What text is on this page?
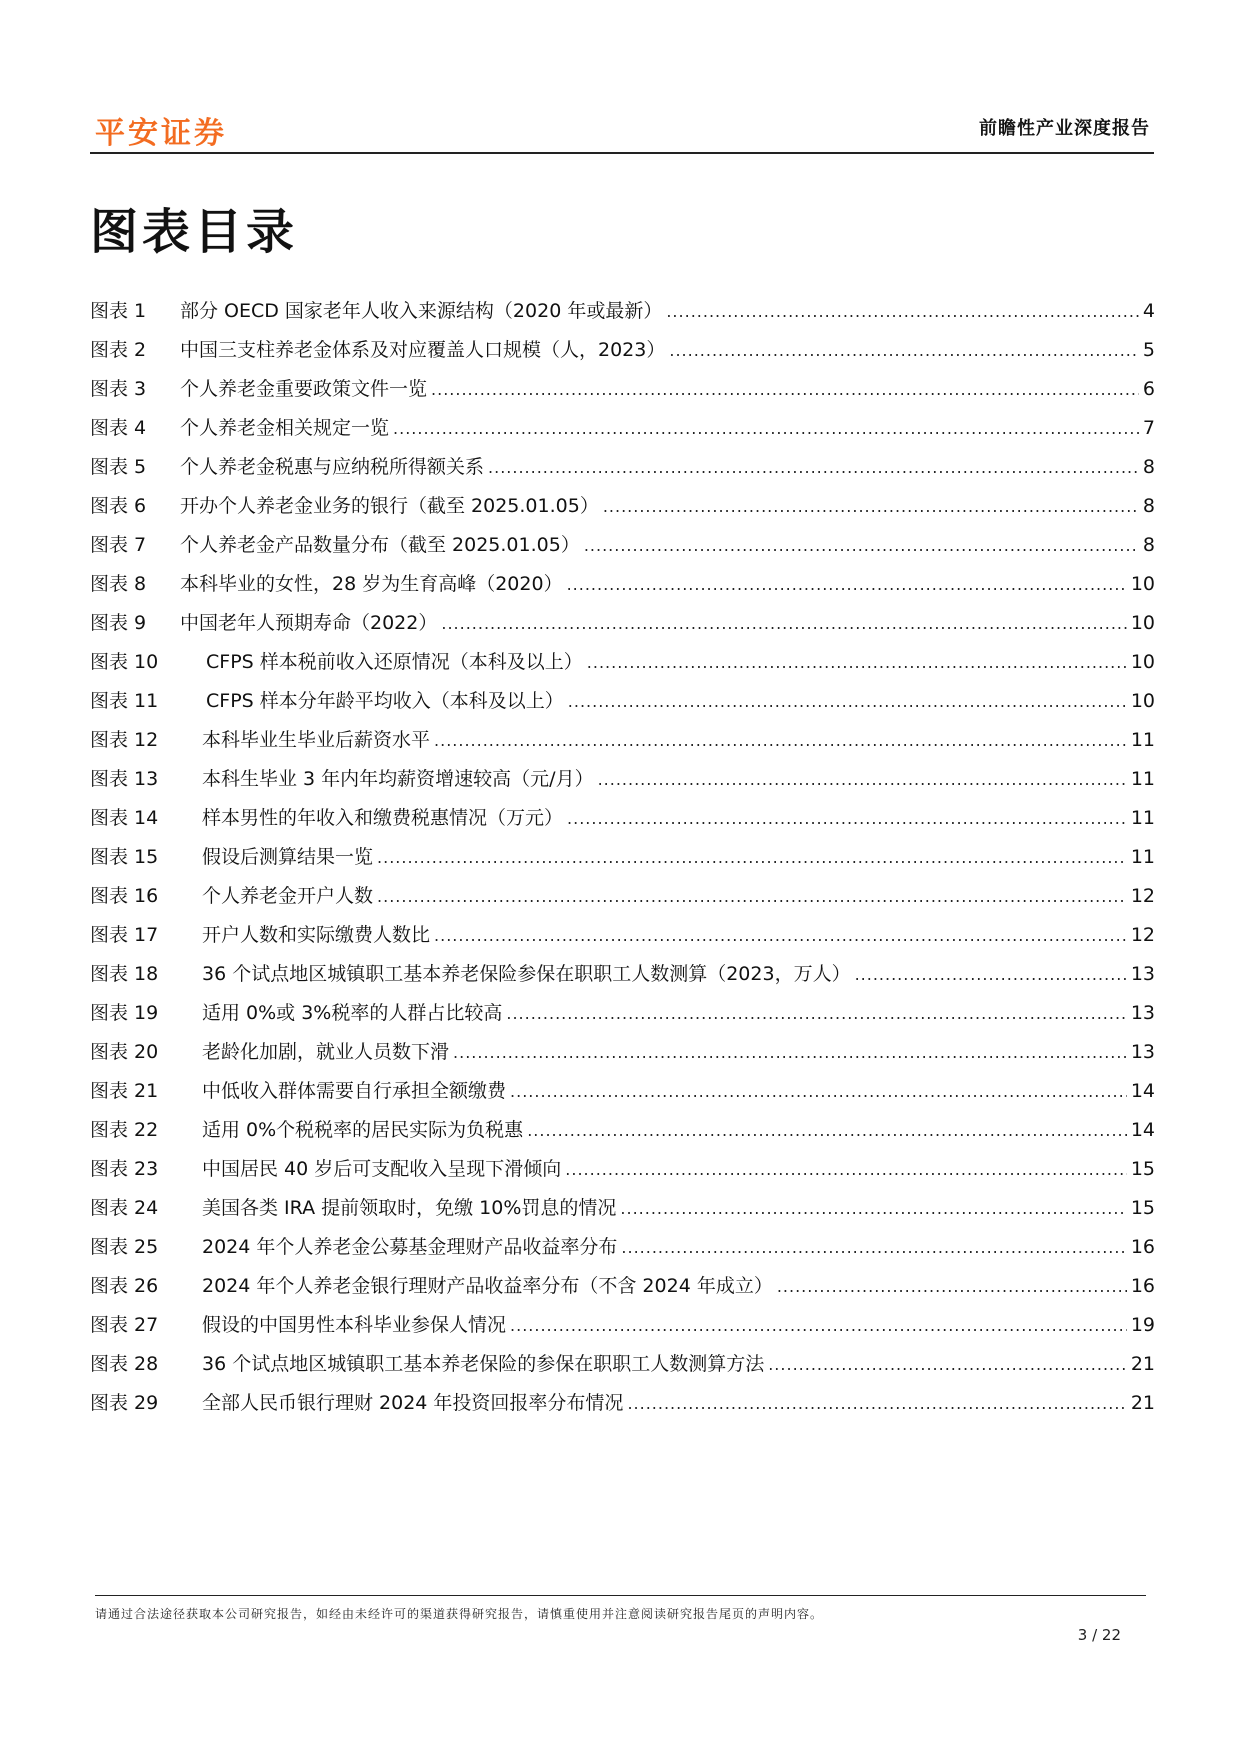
平安证券	前瞻性产业深度报告
图表目录
图表 1	部分 OECD 国家老年人收入来源结构（2020 年或最新） .....	4
图表 2	中国三支柱养老金体系及对应覆盖人口规模（人，2023） .....	5
图表 3	个人养老金重要政策文件一览 .....	6
图表 4	个人养老金相关规定一览 .....	7
图表 5	个人养老金税惠与应纳税所得额关系 .....	8
图表 6	开办个人养老金业务的银行（截至 2025.01.05） .....	8
图表 7	个人养老金产品数量分布（截至 2025.01.05） .....	8
图表 8	本科毕业的女性，28 岁为生育高峰（2020） .....	10
图表 9	中国老年人预期寿命（2022） .....	10
图表 10	CFPS 样本税前收入还原情况（本科及以上） .....	10
图表 11	CFPS 样本分年龄平均收入（本科及以上） .....	10
图表 12	本科毕业生毕业后薪资水平 .....	11
图表 13	本科生毕业 3 年内年均薪资增速较高（元/月） .....	11
图表 14	样本男性的年收入和缴费税惠情况（万元） .....	11
图表 15	假设后测算结果一览 .....	11
图表 16	个人养老金开户人数 .....	12
图表 17	开户人数和实际缴费人数比 .....	12
图表 18	36 个试点地区城镇职工基本养老保险参保在职职工人数测算（2023，万人） .....	13
图表 19	适用 0%或 3%税率的人群占比较高 .....	13
图表 20	老龄化加剧，就业人员数下滑 .....	13
图表 21	中低收入群体需要自行承担全额缴费 .....	14
图表 22	适用 0%个税税率的居民实际为负税惠 .....	14
图表 23	中国居民 40 岁后可支配收入呈现下滑倾向 .....	15
图表 24	美国各类 IRA 提前领取时，免缴 10%罚息的情况 .....	15
图表 25	2024 年个人养老金公募基金理财产品收益率分布 .....	16
图表 26	2024 年个人养老金银行理财产品收益率分布（不含 2024 年成立） .....	16
图表 27	假设的中国男性本科毕业参保人情况 .....	19
图表 28	36 个试点地区城镇职工基本养老保险的参保在职职工人数测算方法 .....	21
图表 29	全部人民币银行理财 2024 年投资回报率分布情况 .....	21
请通过合法途径获取本公司研究报告，如经由未经许可的渠道获得研究报告，请慎重使用并注意阅读研究报告尾页的声明内容。
3 / 22
